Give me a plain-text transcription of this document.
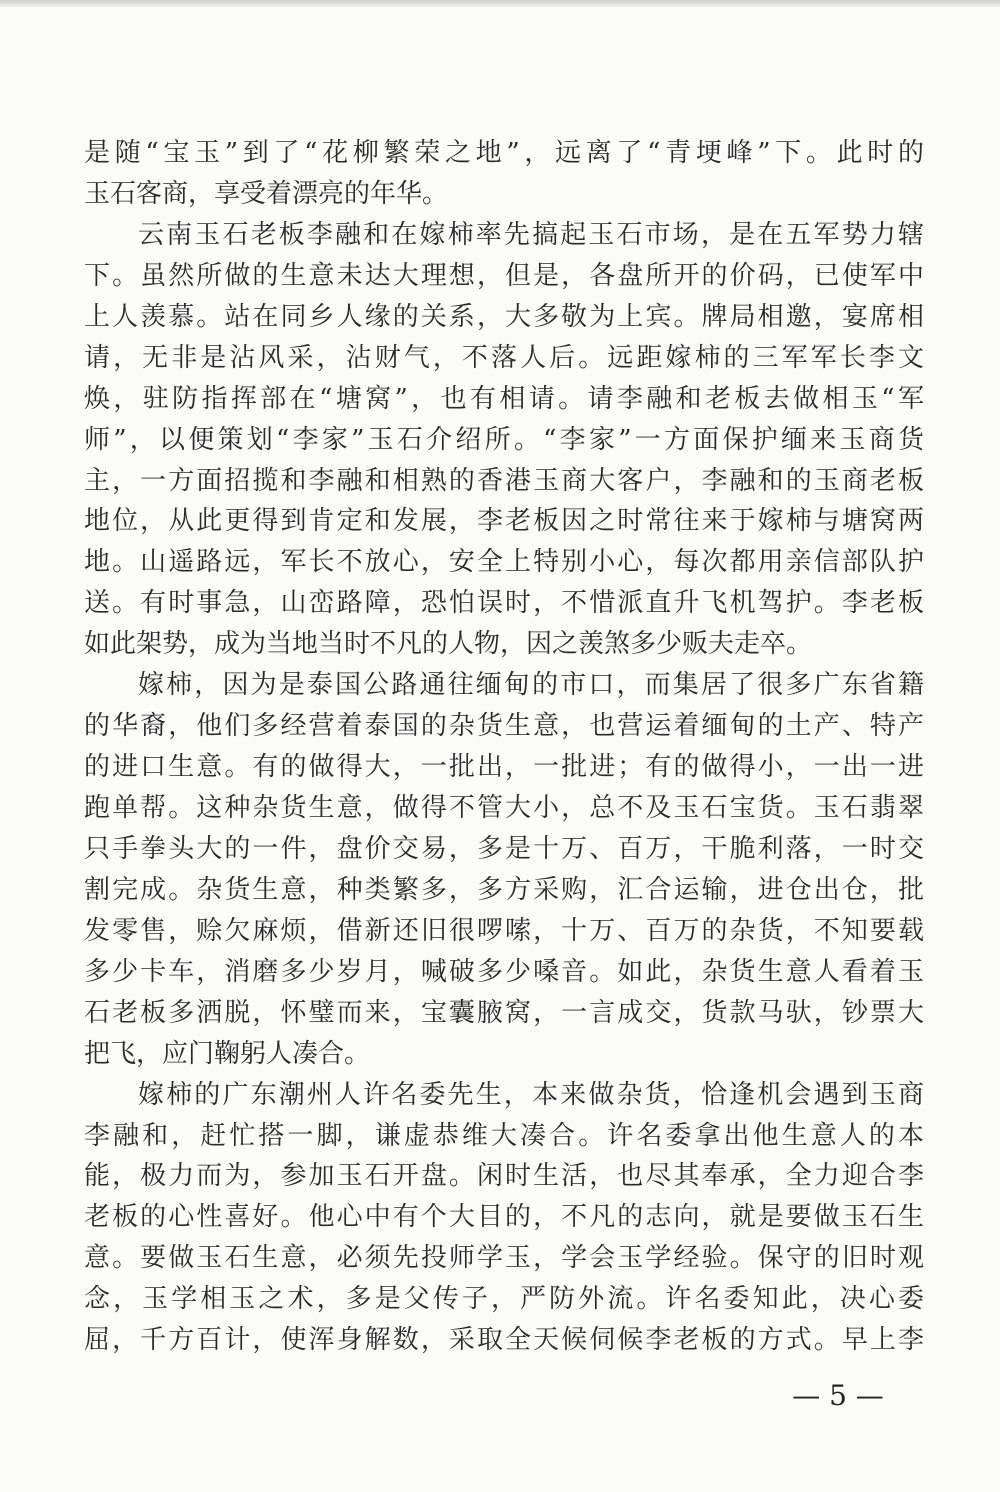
是随“宝玉”到了“花柳繁荣之地”，远离了“青埂峰”下。此时的
玉石客商，享受着漂亮的年华。
云南玉石老板李融和在嫁柿率先搞起玉石市场，是在五军势力辖
下。虽然所做的生意未达大理想，但是，各盘所开的价码，已使军中
上人羡慕。站在同乡人缘的关系，大多敬为上宾。牌局相邀，宴席相
请，无非是沾风采，沾财气，不落人后。远距嫁柿的三军军长李文
焕，驻防指挥部在“塘窝”，也有相请。请李融和老板去做相玉“军
师”，以便策划“李家”玉石介绍所。“李家”一方面保护缅来玉商货
主，一方面招揽和李融和相熟的香港玉商大客户，李融和的玉商老板
地位，从此更得到肯定和发展，李老板因之时常往来于嫁柿与塘窝两
地。山遥路远，军长不放心，安全上特别小心，每次都用亲信部队护
送。有时事急，山峦路障，恐怕误时，不惜派直升飞机驾护。李老板
如此架势，成为当地当时不凡的人物，因之羡煞多少贩夫走卒。
嫁柿，因为是泰国公路通往缅甸的市口，而集居了很多广东省籍
的华裔，他们多经营着泰国的杂货生意，也营运着缅甸的土产、特产
的进口生意。有的做得大，一批出，一批进；有的做得小，一出一进
跑单帮。这种杂货生意，做得不管大小，总不及玉石宝货。玉石翡翠
只手拳头大的一件，盘价交易，多是十万、百万，干脆利落，一时交
割完成。杂货生意，种类繁多，多方采购，汇合运输，进仓出仓，批
发零售，赊欠麻烦，借新还旧很啰嗦，十万、百万的杂货，不知要载
多少卡车，消磨多少岁月，喊破多少嗓音。如此，杂货生意人看着玉
石老板多洒脱，怀璧而来，宝囊腋窝，一言成交，货款马驮，钞票大
把飞，应门鞠躬人凑合。
嫁柿的广东潮州人许名委先生，本来做杂货，恰逢机会遇到玉商
李融和，赶忙搭一脚，谦虚恭维大凑合。许名委拿出他生意人的本
能，极力而为，参加玉石开盘。闲时生活，也尽其奉承，全力迎合李
老板的心性喜好。他心中有个大目的，不凡的志向，就是要做玉石生
意。要做玉石生意，必须先投师学玉，学会玉学经验。保守的旧时观
念，玉学相玉之术，多是父传子，严防外流。许名委知此，决心委
屈，千方百计，使浑身解数，采取全天候伺候李老板的方式。早上李
— 5 —
